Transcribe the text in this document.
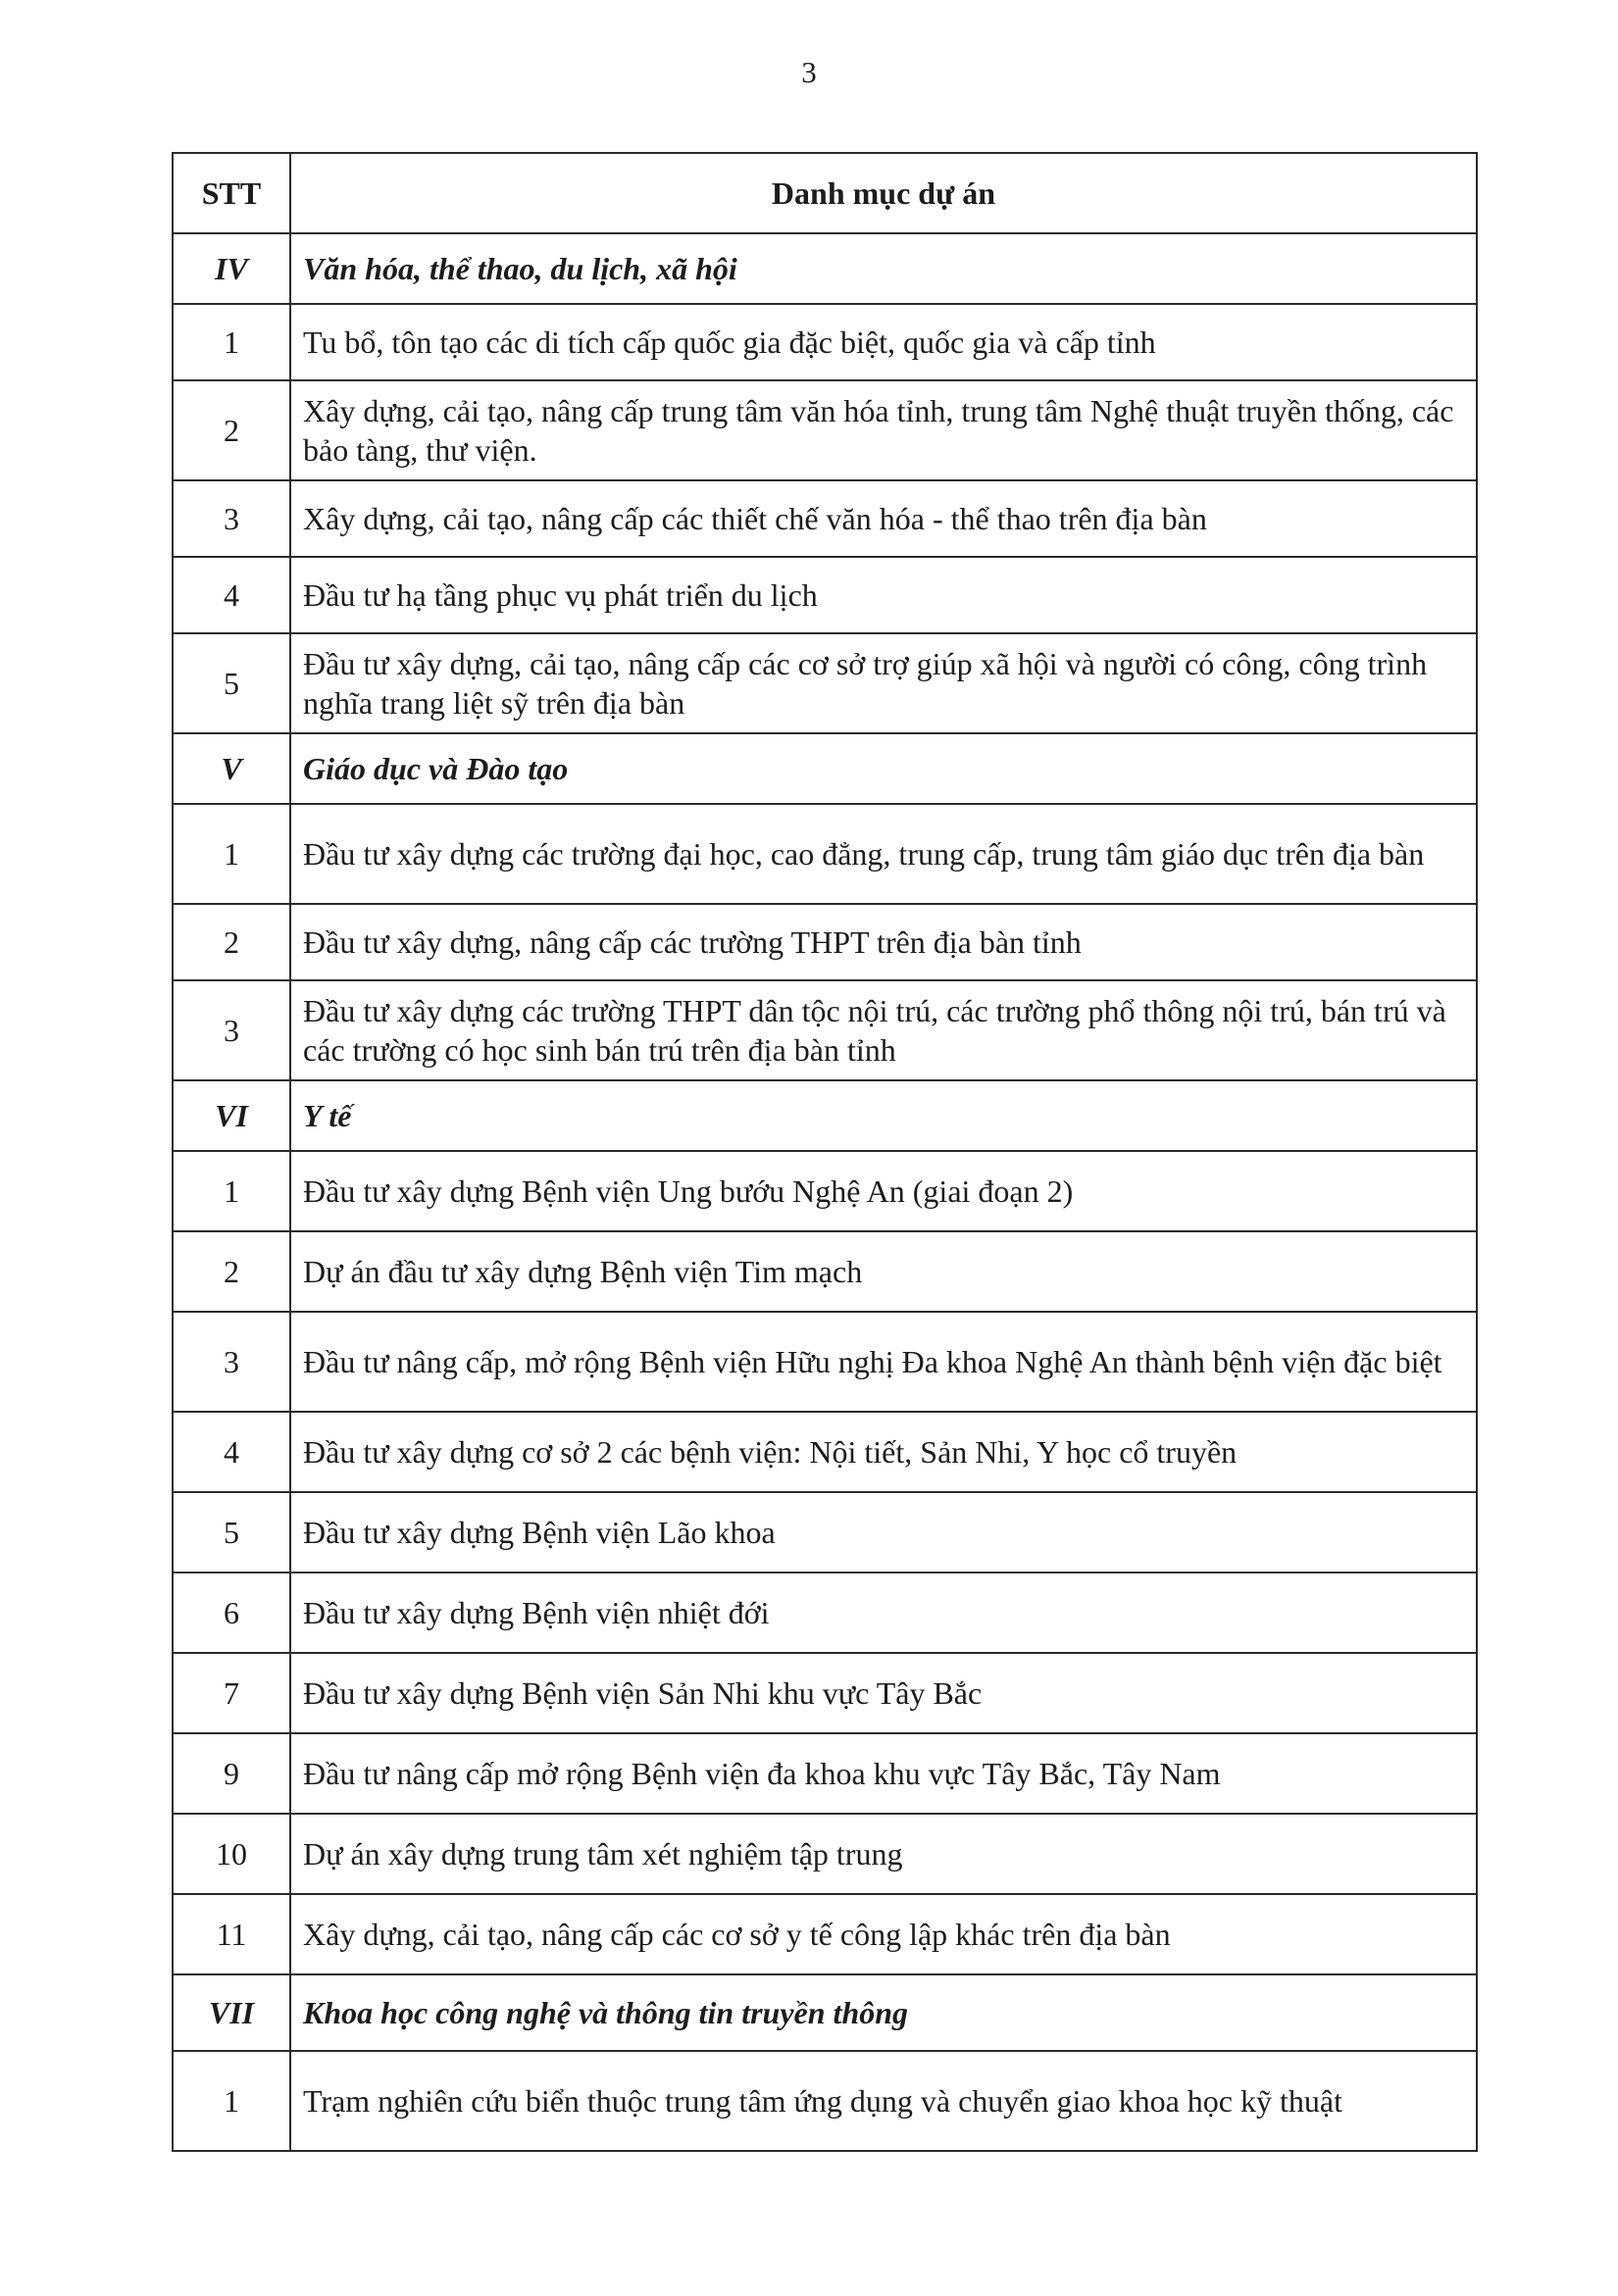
3
STT	Danh mục dự án
IV	Văn hóa, thể thao, du lịch, xã hội
1	Tu bổ, tôn tạo các di tích cấp quốc gia đặc biệt, quốc gia và cấp tỉnh
2	Xây dựng, cải tạo, nâng cấp trung tâm văn hóa tỉnh, trung tâm Nghệ thuật truyền thống, các bảo tàng, thư viện.
3	Xây dựng, cải tạo, nâng cấp các thiết chế văn hóa - thể thao trên địa bàn
4	Đầu tư hạ tầng phục vụ phát triển du lịch
5	Đầu tư xây dựng, cải tạo, nâng cấp các cơ sở trợ giúp xã hội và người có công, công trình nghĩa trang liệt sỹ trên địa bàn
V	Giáo dục và Đào tạo
1	Đầu tư xây dựng các trường đại học, cao đẳng, trung cấp, trung tâm giáo dục trên địa bàn
2	Đầu tư xây dựng, nâng cấp các trường THPT trên địa bàn tỉnh
3	Đầu tư xây dựng các trường THPT dân tộc nội trú, các trường phổ thông nội trú, bán trú và các trường có học sinh bán trú trên địa bàn tỉnh
VI	Y tế
1	Đầu tư xây dựng Bệnh viện Ung bướu Nghệ An (giai đoạn 2)
2	Dự án đầu tư xây dựng Bệnh viện Tim mạch
3	Đầu tư nâng cấp, mở rộng Bệnh viện Hữu nghị Đa khoa Nghệ An thành bệnh viện đặc biệt
4	Đầu tư xây dựng cơ sở 2 các bệnh viện: Nội tiết, Sản Nhi, Y học cổ truyền
5	Đầu tư xây dựng Bệnh viện Lão khoa
6	Đầu tư xây dựng Bệnh viện nhiệt đới
7	Đầu tư xây dựng Bệnh viện Sản Nhi khu vực Tây Bắc
9	Đầu tư nâng cấp mở rộng Bệnh viện đa khoa khu vực Tây Bắc, Tây Nam
10	Dự án xây dựng trung tâm xét nghiệm tập trung
11	Xây dựng, cải tạo, nâng cấp các cơ sở y tế công lập khác trên địa bàn
VII	Khoa học công nghệ và thông tin truyền thông
1	Trạm nghiên cứu biển thuộc trung tâm ứng dụng và chuyển giao khoa học kỹ thuật
